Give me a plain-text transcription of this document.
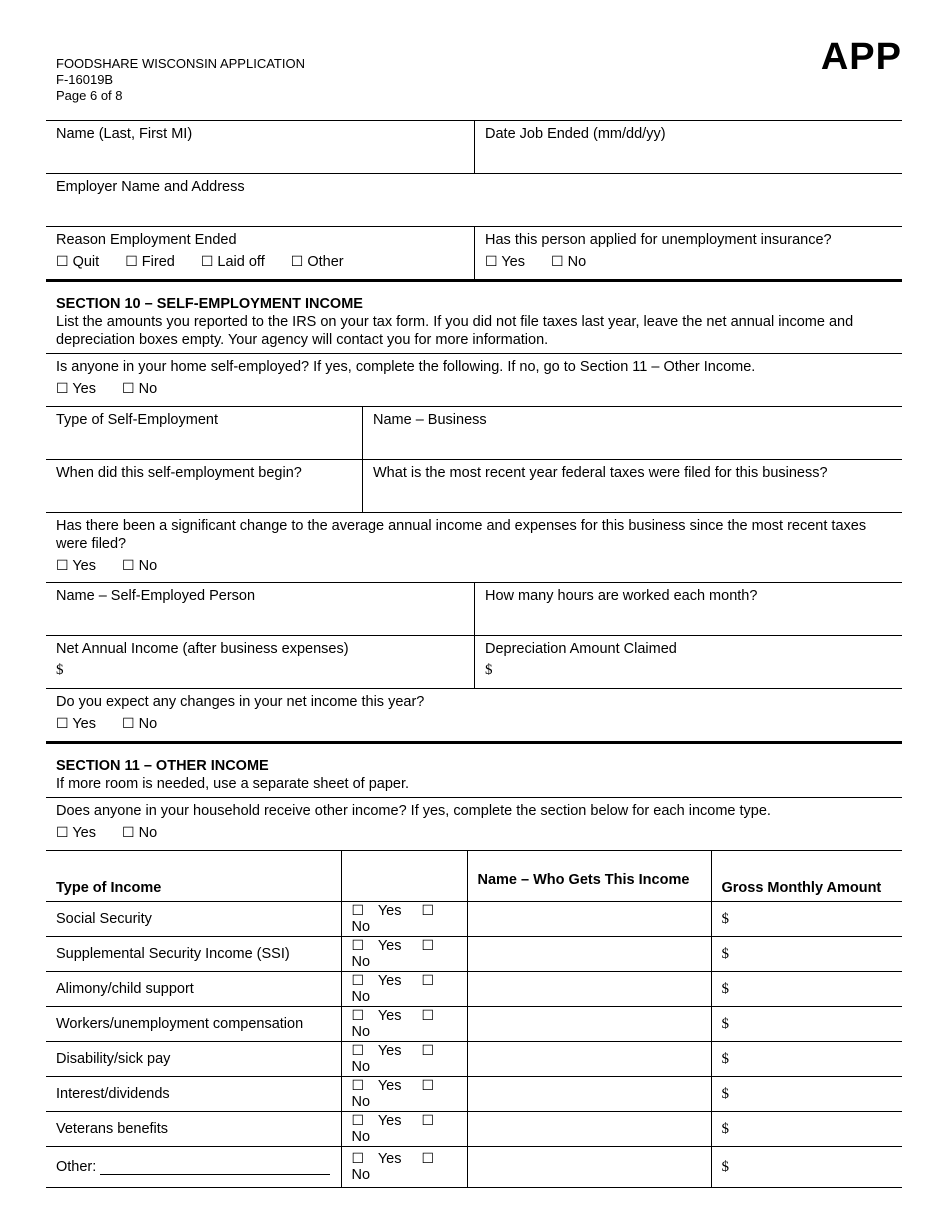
FOODSHARE WISCONSIN APPLICATION
F-16019B
Page 6 of 8
APP
Name (Last, First MI)	Date Job Ended (mm/dd/yy)
Employer Name and Address
Reason Employment Ended
☐ Quit ☐ Fired ☐ Laid off ☐ Other
Has this person applied for unemployment insurance?
☐ Yes ☐ No
SECTION 10 – SELF-EMPLOYMENT INCOME
List the amounts you reported to the IRS on your tax form. If you did not file taxes last year, leave the net annual income and depreciation boxes empty. Your agency will contact you for more information.
Is anyone in your home self-employed? If yes, complete the following. If no, go to Section 11 – Other Income.
☐ Yes ☐ No
Type of Self-Employment	Name – Business
When did this self-employment begin?	What is the most recent year federal taxes were filed for this business?
Has there been a significant change to the average annual income and expenses for this business since the most recent taxes were filed?
☐ Yes ☐ No
Name – Self-Employed Person	How many hours are worked each month?
Net Annual Income (after business expenses)
$
Depreciation Amount Claimed
$
Do you expect any changes in your net income this year?
☐ Yes ☐ No
SECTION 11 – OTHER INCOME
If more room is needed, use a separate sheet of paper.
Does anyone in your household receive other income? If yes, complete the section below for each income type.
☐ Yes ☐ No
Type of Income		Name – Who Gets This Income	Gross Monthly Amount
Social Security	☐ Yes ☐ No		$
Supplemental Security Income (SSI)	☐ Yes ☐ No		$
Alimony/child support	☐ Yes ☐ No		$
Workers/unemployment compensation	☐ Yes ☐ No		$
Disability/sick pay	☐ Yes ☐ No		$
Interest/dividends	☐ Yes ☐ No		$
Veterans benefits	☐ Yes ☐ No		$
Other:	☐ Yes ☐ No		$
